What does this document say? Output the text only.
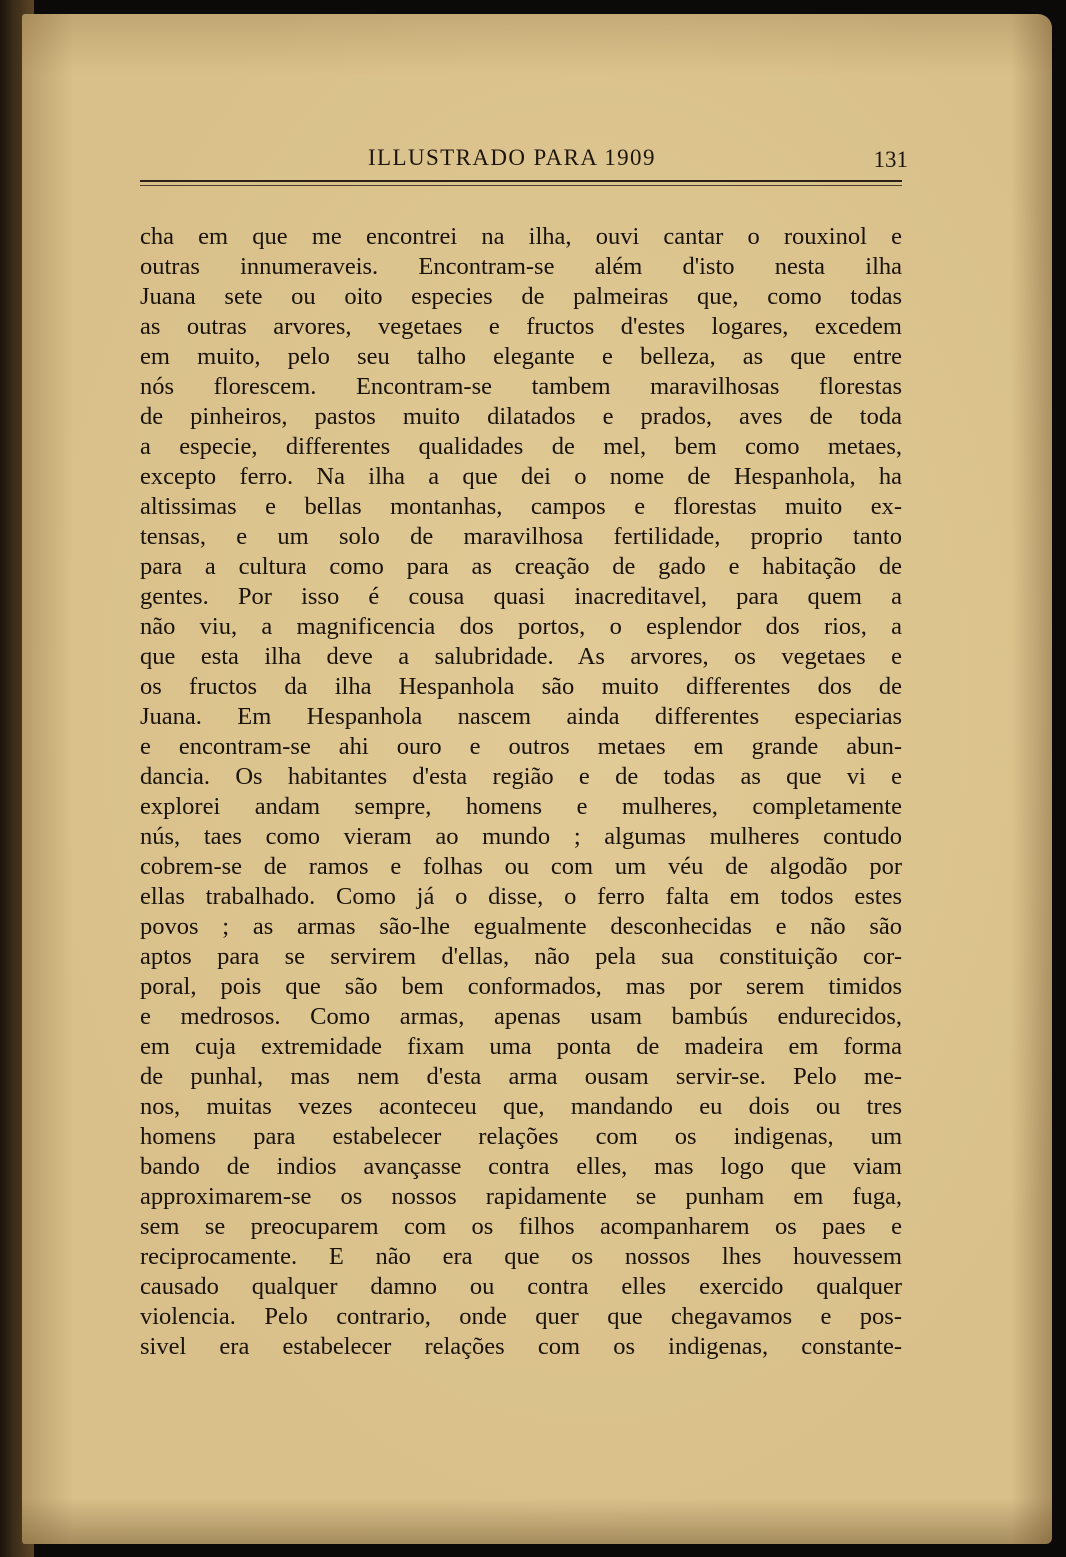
ILLUSTRADO PARA 1909	131
cha em que me encontrei na ilha, ouvi cantar o rouxinol e
outras innumeraveis. Encontram-se além d'isto nesta ilha
Juana sete ou oito especies de palmeiras que, como todas
as outras arvores, vegetaes e fructos d'estes logares, excedem
em muito, pelo seu talho elegante e belleza, as que entre
nós florescem. Encontram-se tambem maravilhosas florestas
de pinheiros, pastos muito dilatados e prados, aves de toda
a especie, differentes qualidades de mel, bem como metaes,
excepto ferro. Na ilha a que dei o nome de Hespanhola, ha
altissimas e bellas montanhas, campos e florestas muito ex-
tensas, e um solo de maravilhosa fertilidade, proprio tanto
para a cultura como para as creação de gado e habitação de
gentes. Por isso é cousa quasi inacreditavel, para quem a
não viu, a magnificencia dos portos, o esplendor dos rios, a
que esta ilha deve a salubridade. As arvores, os vegetaes e
os fructos da ilha Hespanhola são muito differentes dos de
Juana. Em Hespanhola nascem ainda differentes especiarias
e encontram-se ahi ouro e outros metaes em grande abun-
dancia. Os habitantes d'esta região e de todas as que vi e
explorei andam sempre, homens e mulheres, completamente
nús, taes como vieram ao mundo ; algumas mulheres contudo
cobrem-se de ramos e folhas ou com um véu de algodão por
ellas trabalhado. Como já o disse, o ferro falta em todos estes
povos ; as armas são-lhe egualmente desconhecidas e não são
aptos para se servirem d'ellas, não pela sua constituição cor-
poral, pois que são bem conformados, mas por serem timidos
e medrosos. Como armas, apenas usam bambús endurecidos,
em cuja extremidade fixam uma ponta de madeira em forma
de punhal, mas nem d'esta arma ousam servir-se. Pelo me-
nos, muitas vezes aconteceu que, mandando eu dois ou tres
homens para estabelecer relações com os indigenas, um
bando de indios avançasse contra elles, mas logo que viam
approximarem-se os nossos rapidamente se punham em fuga,
sem se preocuparem com os filhos acompanharem os paes e
reciprocamente. E não era que os nossos lhes houvessem
causado qualquer damno ou contra elles exercido qualquer
violencia. Pelo contrario, onde quer que chegavamos e pos-
sivel era estabelecer relações com os indigenas, constante-
